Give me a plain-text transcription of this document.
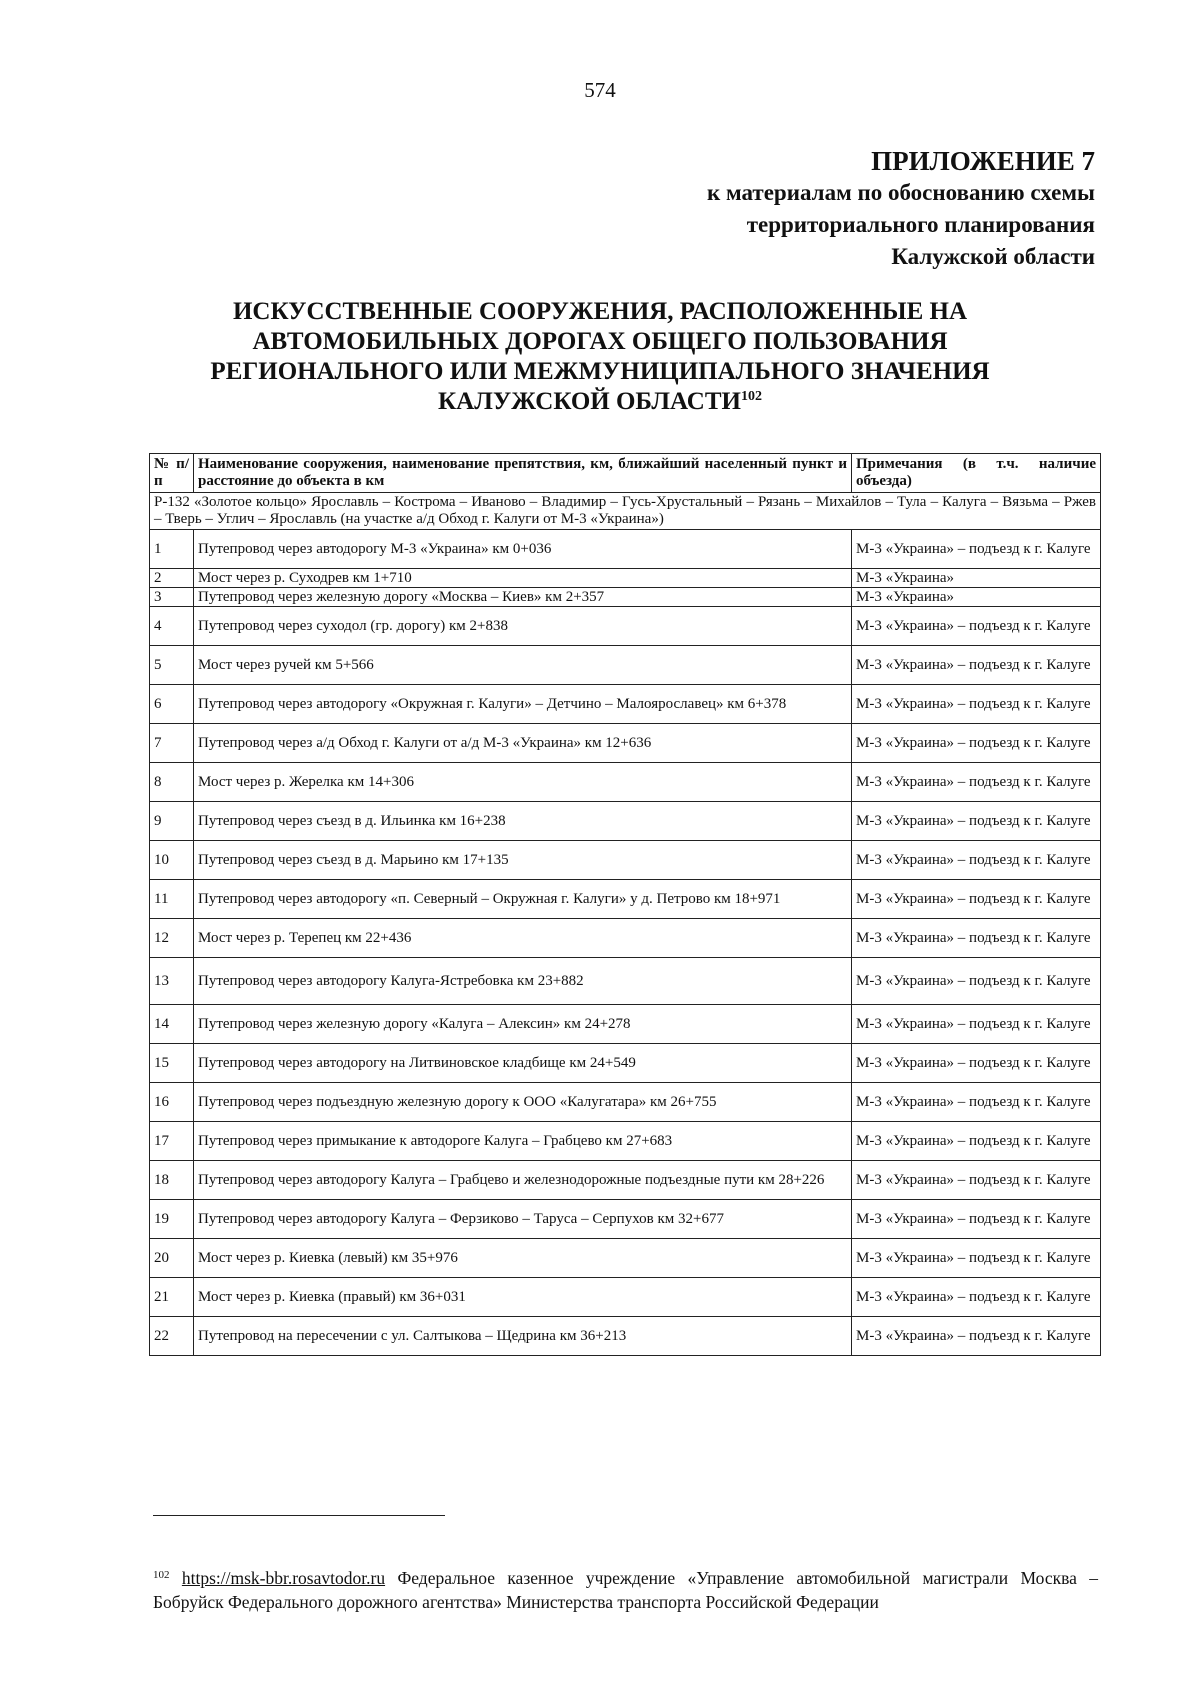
574
ПРИЛОЖЕНИЕ 7
к материалам по обоснованию схемы
территориального планирования
Калужской области
ИСКУССТВЕННЫЕ СООРУЖЕНИЯ, РАСПОЛОЖЕННЫЕ НА
АВТОМОБИЛЬНЫХ ДОРОГАХ ОБЩЕГО ПОЛЬЗОВАНИЯ
РЕГИОНАЛЬНОГО ИЛИ МЕЖМУНИЦИПАЛЬНОГО ЗНАЧЕНИЯ
КАЛУЖСКОЙ ОБЛАСТИ$^{102}$
№ п/п	Наименование сооружения, наименование препятствия, км, ближайший населенный пункт и расстояние до объекта в км	Примечания (в т.ч. наличие объезда)
Р-132 «Золотое кольцо» Ярославль – Кострома – Иваново – Владимир – Гусь-Хрустальный – Рязань – Михайлов – Тула – Калуга – Вязьма – Ржев – Тверь – Углич – Ярославль (на участке а/д Обход г. Калуги от М-3 «Украина»)		
1	Путепровод через автодорогу М-3 «Украина» км 0+036	М-3 «Украина» – подъезд к г. Калуге
2	Мост через р. Суходрев км 1+710	М-3 «Украина»
3	Путепровод через железную дорогу «Москва – Киев» км 2+357	М-3 «Украина»
4	Путепровод через суходол (гр. дорогу) км 2+838	М-3 «Украина» – подъезд к г. Калуге
5	Мост через ручей км 5+566	М-3 «Украина» – подъезд к г. Калуге
6	Путепровод через автодорогу «Окружная г. Калуги» – Детчино – Малоярославец» км 6+378	М-3 «Украина» – подъезд к г. Калуге
7	Путепровод через а/д Обход г. Калуги от а/д М-3 «Украина» км 12+636	М-3 «Украина» – подъезд к г. Калуге
8	Мост через р. Жерелка км 14+306	М-3 «Украина» – подъезд к г. Калуге
9	Путепровод через съезд в д. Ильинка км 16+238	М-3 «Украина» – подъезд к г. Калуге
10	Путепровод через съезд в д. Марьино км 17+135	М-3 «Украина» – подъезд к г. Калуге
11	Путепровод через автодорогу «п. Северный – Окружная г. Калуги» у д. Петрово км 18+971	М-3 «Украина» – подъезд к г. Калуге
12	Мост через р. Терепец км 22+436	М-3 «Украина» – подъезд к г. Калуге
13	Путепровод через автодорогу Калуга-Ястребовка км 23+882	М-3 «Украина» – подъезд к г. Калуге
14	Путепровод через железную дорогу «Калуга – Алексин» км 24+278	М-3 «Украина» – подъезд к г. Калуге
15	Путепровод через автодорогу на Литвиновское кладбище км 24+549	М-3 «Украина» – подъезд к г. Калуге
16	Путепровод через подъездную железную дорогу к ООО «Калугатара» км 26+755	М-3 «Украина» – подъезд к г. Калуге
17	Путепровод через примыкание к автодороге Калуга – Грабцево км 27+683	М-3 «Украина» – подъезд к г. Калуге
18	Путепровод через автодорогу Калуга – Грабцево и железнодорожные подъездные пути км 28+226	М-3 «Украина» – подъезд к г. Калуге
19	Путепровод через автодорогу Калуга – Ферзиково – Таруса – Серпухов км 32+677	М-3 «Украина» – подъезд к г. Калуге
20	Мост через р. Киевка (левый) км 35+976	М-3 «Украина» – подъезд к г. Калуге
21	Мост через р. Киевка (правый) км 36+031	М-3 «Украина» – подъезд к г. Калуге
22	Путепровод на пересечении с ул. Салтыкова – Щедрина км 36+213	М-3 «Украина» – подъезд к г. Калуге
$^{102}$ https://msk-bbr.rosavtodor.ru Федеральное казенное учреждение «Управление автомобильной магистрали Москва – Бобруйск Федерального дорожного агентства» Министерства транспорта Российской Федерации
